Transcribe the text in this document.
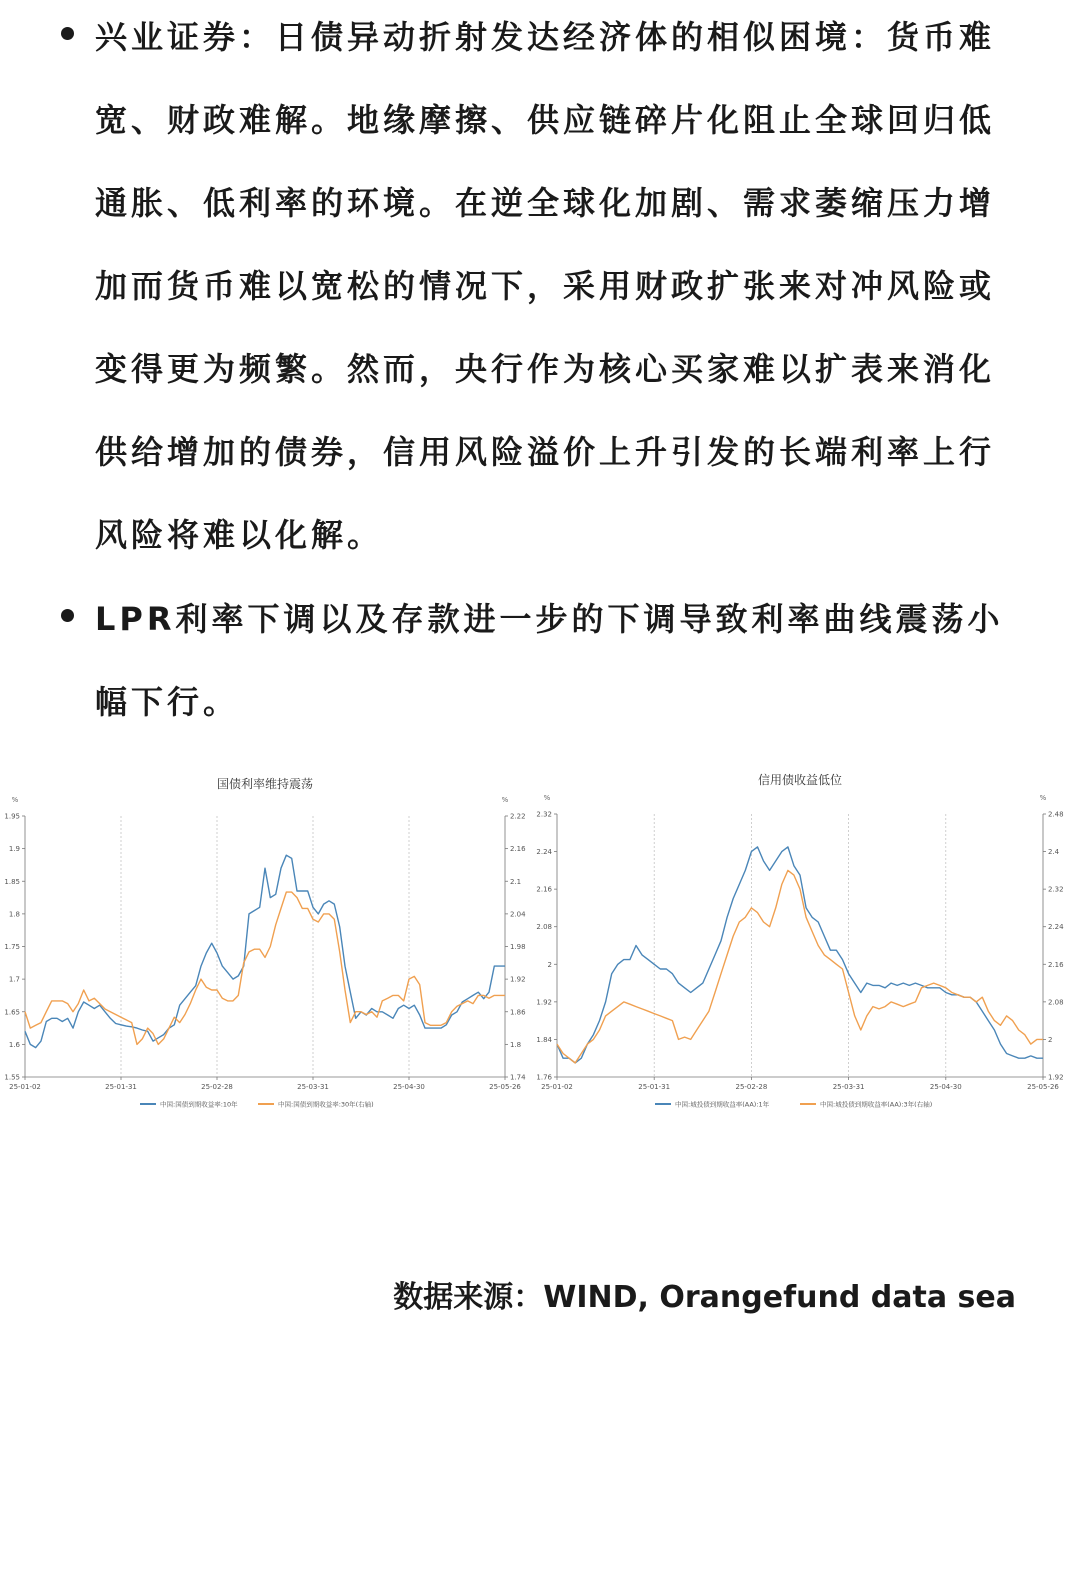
兴业证券：日债异动折射发达经济体的相似困境：货币难宽、财政难解。地缘摩擦、供应链碎片化阻止全球回归低通胀、低利率的环境。在逆全球化加剧、需求萎缩压力增加而货币难以宽松的情况下，采用财政扩张来对冲风险或变得更为频繁。然而，央行作为核心买家难以扩表来消化供给增加的债券，信用风险溢价上升引发的长端利率上行风险将难以化解。
LPR利率下调以及存款进一步的下调导致利率曲线震荡小幅下行。
国债利率维持震荡
%	%
1.55
1.6
1.65
1.7
1.75
1.8
1.85
1.9
1.95
1.74
1.8
1.86
1.92
1.98
2.04
2.1
2.16
2.22
25-01-02	25-01-31	25-02-28	25-03-31	25-04-30	25-05-26
中国:国债到期收益率:10年	中国:国债到期收益率:30年(右轴)
信用债收益低位
%	%
1.76
1.84
1.92
2
2.08
2.16
2.24
2.32
1.92
2
2.08
2.16
2.24
2.32
2.4
2.48
25-01-02	25-01-31	25-02-28	25-03-31	25-04-30	25-05-26
中国:城投债到期收益率(AA):1年	中国:城投债到期收益率(AA):3年(右轴)
数据来源：WIND, Orangefund data sea
